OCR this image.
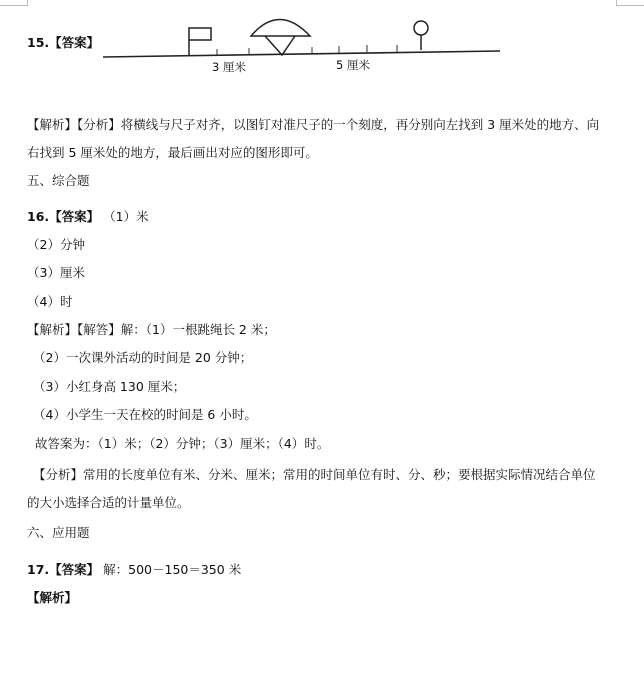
15.【答案】
3 厘米	5 厘米
【解析】【分析】将横线与尺子对齐，以图钉对准尺子的一个刻度，再分别向左找到 3 厘米处的地方、向
右找到 5 厘米处的地方，最后画出对应的图形即可。
五、综合题
16.【答案】 （1）米
（2）分钟
（3）厘米
（4）时
【解析】【解答】解：（1）一根跳绳长 2 米；
（2）一次课外活动的时间是 20 分钟；
（3）小红身高 130 厘米；
（4）小学生一天在校的时间是 6 小时。
故答案为：（1）米；（2）分钟；（3）厘米；（4）时。
【分析】常用的长度单位有米、分米、厘米；常用的时间单位有时、分、秒；要根据实际情况结合单位
的大小选择合适的计量单位。
六、应用题
17.【答案】 解：500－150＝350 米
【解析】
